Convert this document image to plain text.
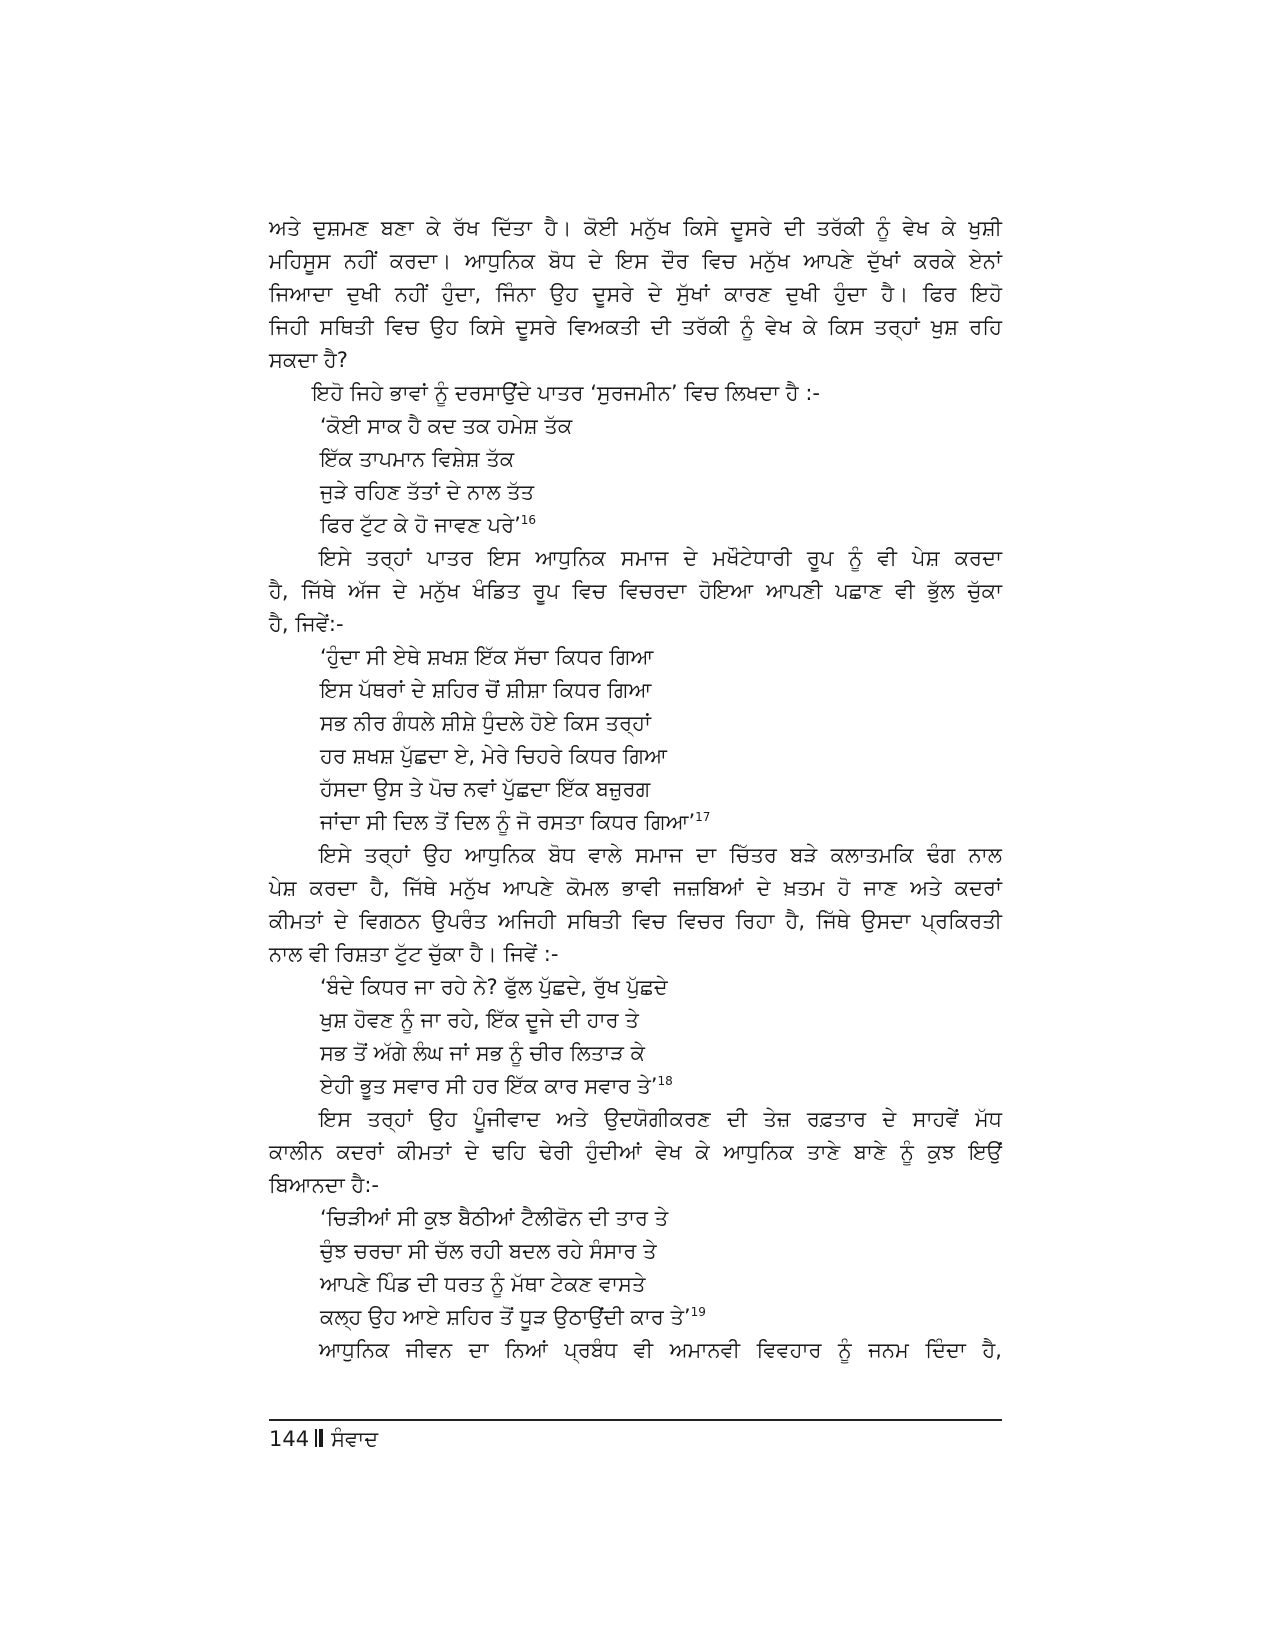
ਅਤੇ ਦੁਸ਼ਮਣ ਬਣਾ ਕੇ ਰੱਖ ਦਿੱਤਾ ਹੈ। ਕੋਈ ਮਨੁੱਖ ਕਿਸੇ ਦੂਸਰੇ ਦੀ ਤਰੱਕੀ ਨੂੰ ਵੇਖ ਕੇ ਖੁਸ਼ੀ
ਮਹਿਸੂਸ ਨਹੀਂ ਕਰਦਾ। ਆਧੁਨਿਕ ਬੋਧ ਦੇ ਇਸ ਦੌਰ ਵਿਚ ਮਨੁੱਖ ਆਪਣੇ ਦੁੱਖਾਂ ਕਰਕੇ ਏਨਾਂ
ਜਿਆਦਾ ਦੁਖੀ ਨਹੀਂ ਹੁੰਦਾ, ਜਿੰਨਾ ਉਹ ਦੂਸਰੇ ਦੇ ਸੁੱਖਾਂ ਕਾਰਣ ਦੁਖੀ ਹੁੰਦਾ ਹੈ। ਫਿਰ ਇਹੋ
ਜਿਹੀ ਸਥਿਤੀ ਵਿਚ ਉਹ ਕਿਸੇ ਦੂਸਰੇ ਵਿਅਕਤੀ ਦੀ ਤਰੱਕੀ ਨੂੰ ਵੇਖ ਕੇ ਕਿਸ ਤਰ੍ਹਾਂ ਖੁਸ਼ ਰਹਿ
ਸਕਦਾ ਹੈ?
ਇਹੋ ਜਿਹੇ ਭਾਵਾਂ ਨੂੰ ਦਰਸਾਉਂਦੇ ਪਾਤਰ ‘ਸੁਰਜਮੀਨ’ ਵਿਚ ਲਿਖਦਾ ਹੈ :-
‘ਕੋਈ ਸਾਕ ਹੈ ਕਦ ਤਕ ਹਮੇਸ਼ ਤੱਕ
ਇੱਕ ਤਾਪਮਾਨ ਵਿਸ਼ੇਸ਼ ਤੱਕ
ਜੁੜੇ ਰਹਿਣ ਤੱਤਾਂ ਦੇ ਨਾਲ ਤੱਤ
ਫਿਰ ਟੁੱਟ ਕੇ ਹੋ ਜਾਵਣ ਪਰੇ’$^{16}$
ਇਸੇ ਤਰ੍ਹਾਂ ਪਾਤਰ ਇਸ ਆਧੁਨਿਕ ਸਮਾਜ ਦੇ ਮਖੌਟੇਧਾਰੀ ਰੂਪ ਨੂੰ ਵੀ ਪੇਸ਼ ਕਰਦਾ
ਹੈ, ਜਿੱਥੇ ਅੱਜ ਦੇ ਮਨੁੱਖ ਖੰਡਿਤ ਰੂਪ ਵਿਚ ਵਿਚਰਦਾ ਹੋਇਆ ਆਪਣੀ ਪਛਾਣ ਵੀ ਭੁੱਲ ਚੁੱਕਾ
ਹੈ, ਜਿਵੇਂ:-
‘ਹੁੰਦਾ ਸੀ ਏਥੇ ਸ਼ਖਸ਼ ਇੱਕ ਸੱਚਾ ਕਿਧਰ ਗਿਆ
ਇਸ ਪੱਥਰਾਂ ਦੇ ਸ਼ਹਿਰ ਚੋਂ ਸ਼ੀਸ਼ਾ ਕਿਧਰ ਗਿਆ
ਸਭ ਨੀਰ ਗੰਧਲੇ ਸ਼ੀਸ਼ੇ ਧੁੰਦਲੇ ਹੋਏ ਕਿਸ ਤਰ੍ਹਾਂ
ਹਰ ਸ਼ਖਸ਼ ਪੁੱਛਦਾ ਏ, ਮੇਰੇ ਚਿਹਰੇ ਕਿਧਰ ਗਿਆ
ਹੱਸਦਾ ਉਸ ਤੇ ਪੋਚ ਨਵਾਂ ਪੁੱਛਦਾ ਇੱਕ ਬਜ਼ੁਰਗ
ਜਾਂਦਾ ਸੀ ਦਿਲ ਤੋਂ ਦਿਲ ਨੂੰ ਜੋ ਰਸਤਾ ਕਿਧਰ ਗਿਆ’$^{17}$
ਇਸੇ ਤਰ੍ਹਾਂ ਉਹ ਆਧੁਨਿਕ ਬੋਧ ਵਾਲੇ ਸਮਾਜ ਦਾ ਚਿੱਤਰ ਬੜੇ ਕਲਾਤਮਕਿ ਢੰਗ ਨਾਲ
ਪੇਸ਼ ਕਰਦਾ ਹੈ, ਜਿੱਥੇ ਮਨੁੱਖ ਆਪਣੇ ਕੋਮਲ ਭਾਵੀ ਜਜ਼ਬਿਆਂ ਦੇ ਖ਼ਤਮ ਹੋ ਜਾਣ ਅਤੇ ਕਦਰਾਂ
ਕੀਮਤਾਂ ਦੇ ਵਿਗਠਨ ਉਪਰੰਤ ਅਜਿਹੀ ਸਥਿਤੀ ਵਿਚ ਵਿਚਰ ਰਿਹਾ ਹੈ, ਜਿੱਥੇ ਉਸਦਾ ਪ੍ਰਕਿਰਤੀ
ਨਾਲ ਵੀ ਰਿਸ਼ਤਾ ਟੁੱਟ ਚੁੱਕਾ ਹੈ। ਜਿਵੇਂ :-
‘ਬੰਦੇ ਕਿਧਰ ਜਾ ਰਹੇ ਨੇ? ਫੁੱਲ ਪੁੱਛਦੇ, ਰੁੱਖ ਪੁੱਛਦੇ
ਖੁਸ਼ ਹੋਵਣ ਨੂੰ ਜਾ ਰਹੇ, ਇੱਕ ਦੂਜੇ ਦੀ ਹਾਰ ਤੇ
ਸਭ ਤੋਂ ਅੱਗੇ ਲੰਘ ਜਾਂ ਸਭ ਨੂੰ ਚੀਰ ਲਿਤਾੜ ਕੇ
ਏਹੀ ਭੂਤ ਸਵਾਰ ਸੀ ਹਰ ਇੱਕ ਕਾਰ ਸਵਾਰ ਤੇ’$^{18}$
ਇਸ ਤਰ੍ਹਾਂ ਉਹ ਪੂੰਜੀਵਾਦ ਅਤੇ ਉਦਯੋਗੀਕਰਣ ਦੀ ਤੇਜ਼ ਰਫ਼ਤਾਰ ਦੇ ਸਾਹਵੇਂ ਮੱਧ
ਕਾਲੀਨ ਕਦਰਾਂ ਕੀਮਤਾਂ ਦੇ ਢਹਿ ਢੇਰੀ ਹੁੰਦੀਆਂ ਵੇਖ ਕੇ ਆਧੁਨਿਕ ਤਾਣੇ ਬਾਣੇ ਨੂੰ ਕੁਝ ਇਉਂ
ਬਿਆਨਦਾ ਹੈ:-
‘ਚਿੜੀਆਂ ਸੀ ਕੁਝ ਬੈਠੀਆਂ ਟੈਲੀਫੋਨ ਦੀ ਤਾਰ ਤੇ
ਚੁੰਝ ਚਰਚਾ ਸੀ ਚੱਲ ਰਹੀ ਬਦਲ ਰਹੇ ਸੰਸਾਰ ਤੇ
ਆਪਣੇ ਪਿੰਡ ਦੀ ਧਰਤ ਨੂੰ ਮੱਥਾ ਟੇਕਣ ਵਾਸਤੇ
ਕਲ੍ਹ ਉਹ ਆਏ ਸ਼ਹਿਰ ਤੋਂ ਧੂੜ ਉਠਾਉਂਦੀ ਕਾਰ ਤੇ’$^{19}$
ਆਧੁਨਿਕ ਜੀਵਨ ਦਾ ਨਿਆਂ ਪ੍ਰਬੰਧ ਵੀ ਅਮਾਨਵੀ ਵਿਵਹਾਰ ਨੂੰ ਜਨਮ ਦਿੰਦਾ ਹੈ,
144 ਸੰਵਾਦ
